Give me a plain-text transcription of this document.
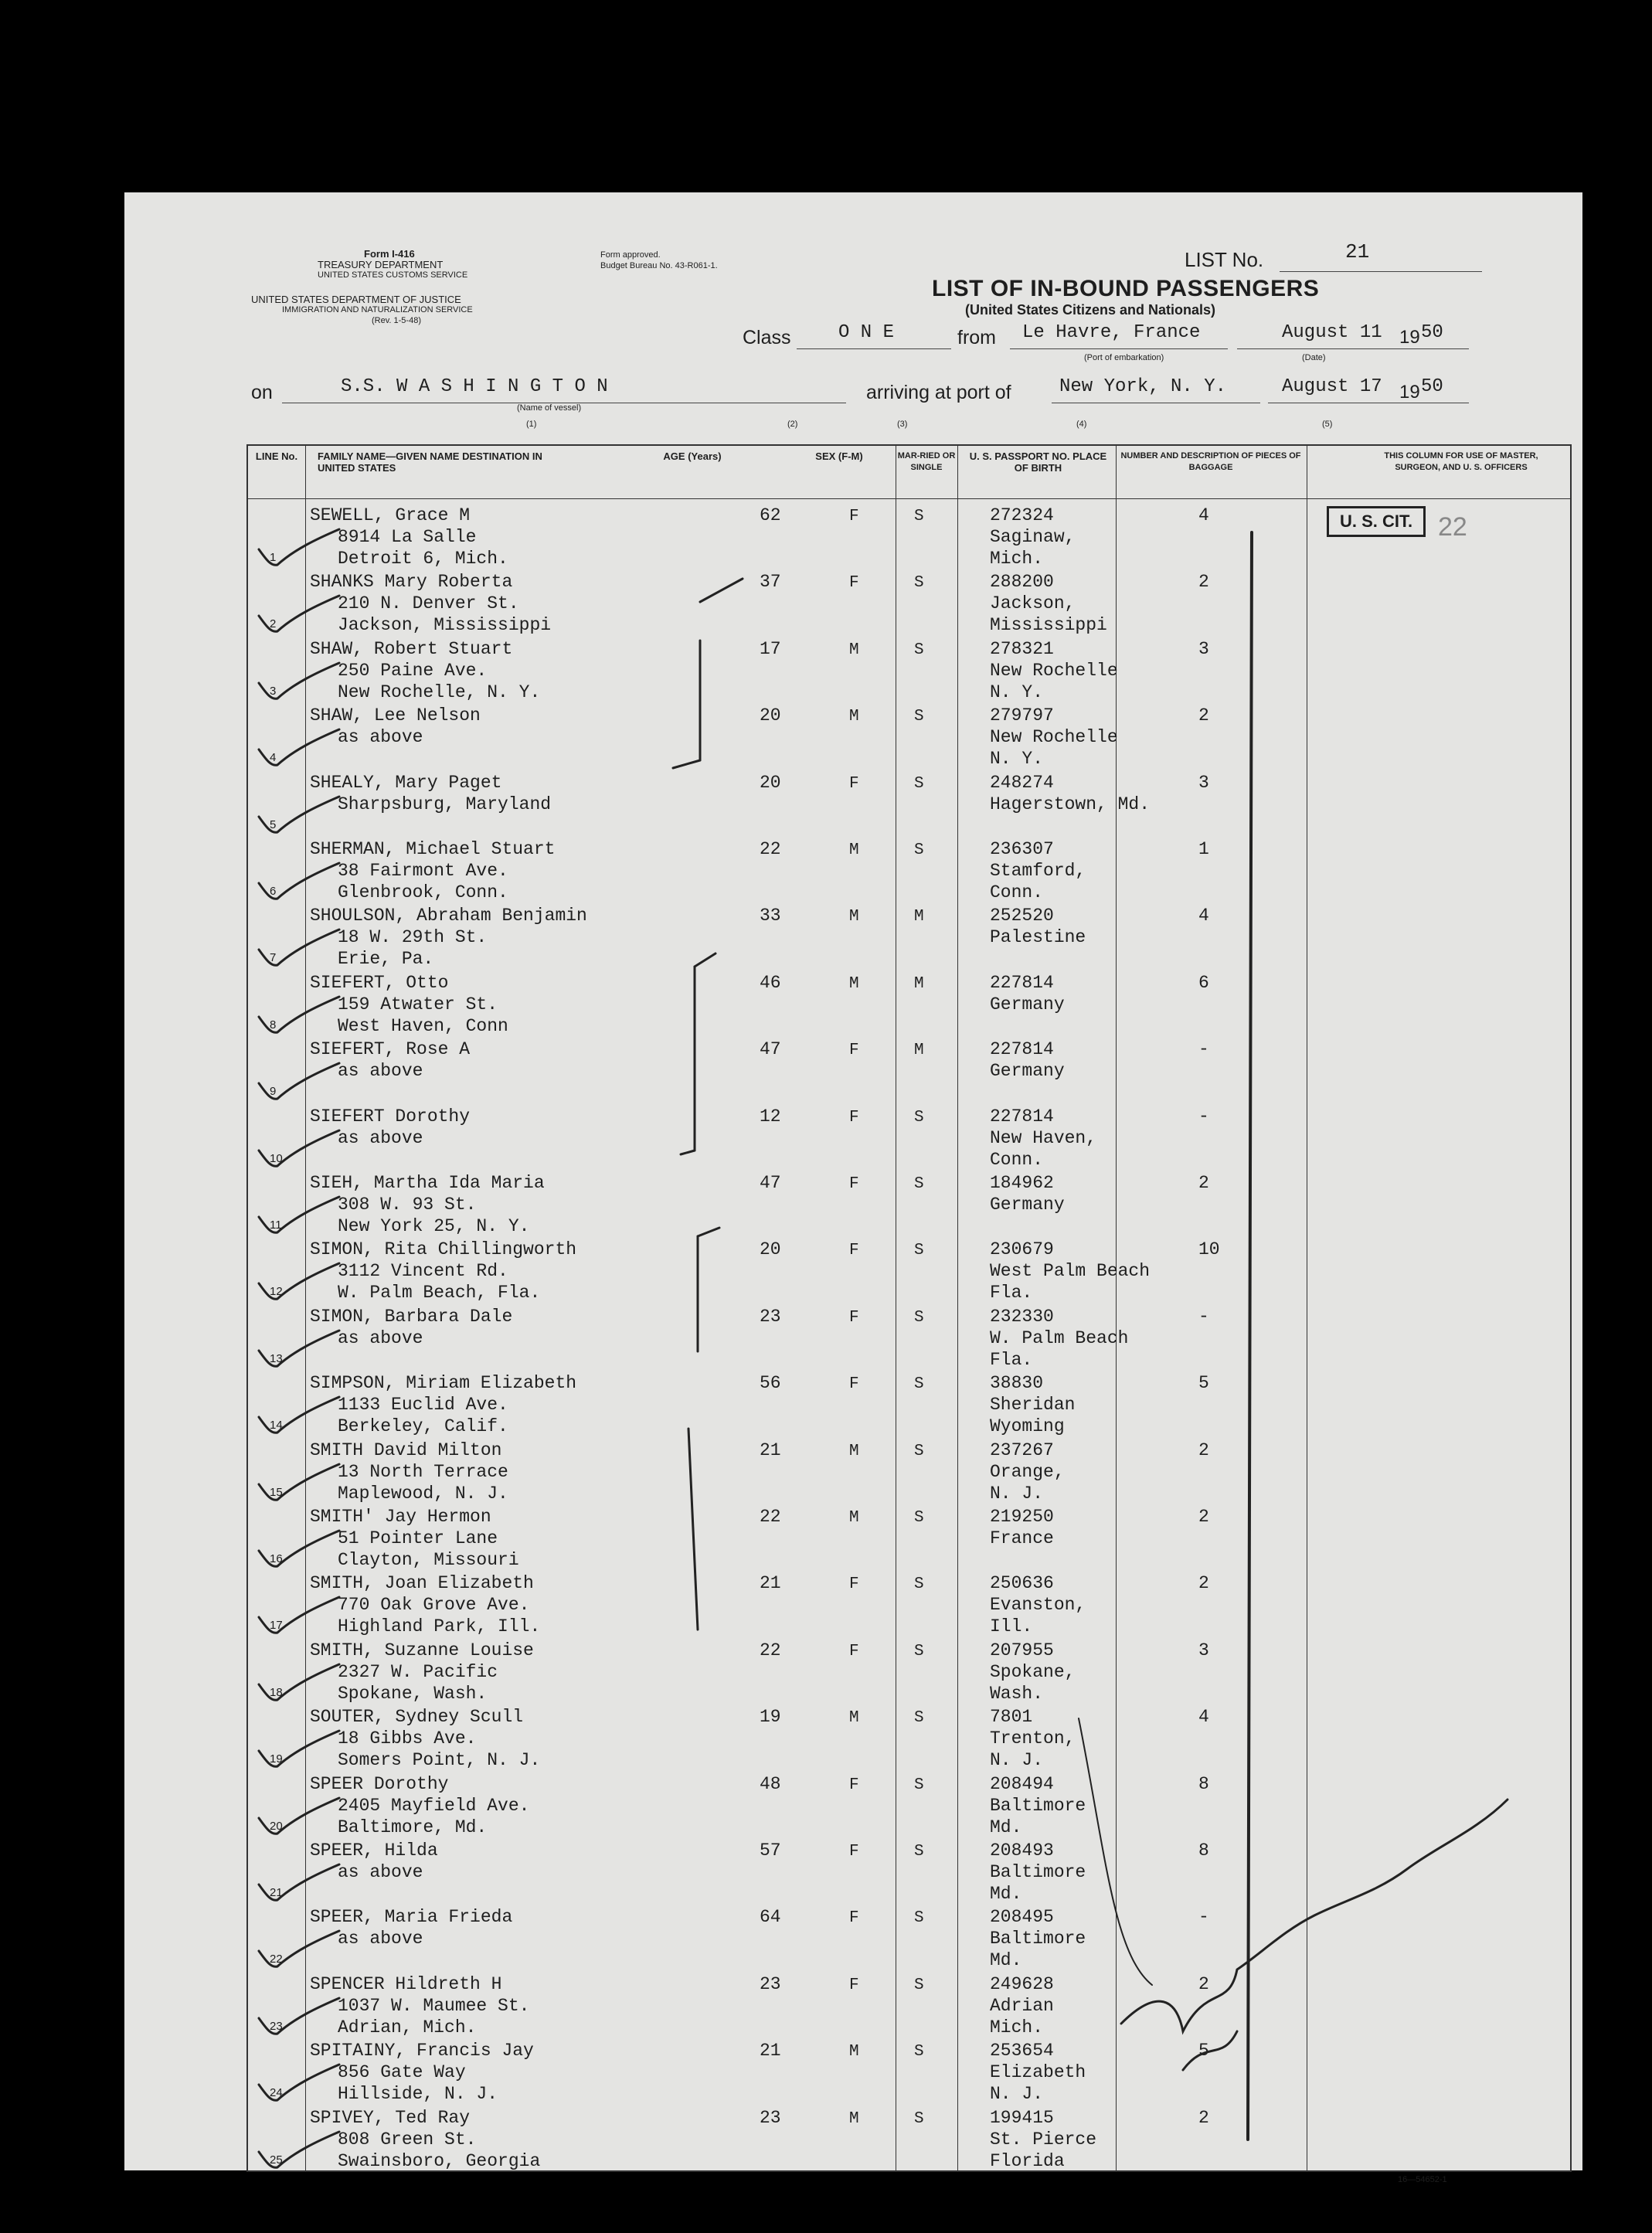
Form I-416
TREASURY DEPARTMENT
UNITED STATES CUSTOMS SERVICE
UNITED STATES DEPARTMENT OF JUSTICE
IMMIGRATION AND NATURALIZATION SERVICE
(Rev. 1-5-48)
Form approved.
Budget Bureau No. 43-R061-1.	LIST No.	21
LIST OF IN-BOUND PASSENGERS
(United States Citizens and Nationals)
Class	O N E	from Le Havre, France	August 11 19 50
(Port of embarkation)	(Date)
on	S.S. W A S H I N G T O N
(Name of vessel)
arriving at port of	New York, N. Y.	August 17 19 50
(1)	(2)	(3)	(4)	(5)
LINE No.	FAMILY NAME—GIVEN NAME DESTINATION IN UNITED STATES
AGE (Years)	SEX (F-M)	MAR-RIED OR SINGLE
U. S. PASSPORT NO. PLACE OF BIRTH
NUMBER AND DESCRIPTION OF PIECES OF BAGGAGE
THIS COLUMN FOR USE OF MASTER, SURGEON, AND U. S. OFFICERS
1
SEWELL, Grace M
8914 La Salle
Detroit 6, Mich.
62	F	S	272324
Saginaw,
Mich.
4
2
SHANKS Mary Roberta
210 N. Denver St.
Jackson, Mississippi
37	F	S	288200
Jackson,
Mississippi
2
3
SHAW, Robert Stuart
250 Paine Ave.
New Rochelle, N. Y.
17	M	S	278321
New Rochelle
N. Y.
3
4
SHAW, Lee Nelson
as above
20	M	S	279797
New Rochelle
N. Y.
2
5
SHEALY, Mary Paget
Sharpsburg, Maryland
20	F	S	248274
Hagerstown, Md.
3
6
SHERMAN, Michael Stuart
38 Fairmont Ave.
Glenbrook, Conn.
22	M	S	236307
Stamford,
Conn.
1
7
SHOULSON, Abraham Benjamin
18 W. 29th St.
Erie, Pa.
33	M	M	252520
Palestine
4
8
SIEFERT, Otto
159 Atwater St.
West Haven, Conn
46	M	M	227814
Germany
6
9
SIEFERT, Rose A
as above
47	F	M	227814
Germany
-
10
SIEFERT Dorothy
as above
12	F	S	227814
New Haven,
Conn.
-
11
SIEH, Martha Ida Maria
308 W. 93 St.
New York 25, N. Y.
47	F	S	184962
Germany
2
12
SIMON, Rita Chillingworth
3112 Vincent Rd.
W. Palm Beach, Fla.
20	F	S	230679
West Palm Beach
Fla.
10
13
SIMON, Barbara Dale
as above
23	F	S	232330
W. Palm Beach
Fla.
-
14
SIMPSON, Miriam Elizabeth
1133 Euclid Ave.
Berkeley, Calif.
56	F	S	38830
Sheridan
Wyoming
5
15
SMITH David Milton
13 North Terrace
Maplewood, N. J.
21	M	S	237267
Orange,
N. J.
2
16
SMITH' Jay Hermon
51 Pointer Lane
Clayton, Missouri
22	M	S	219250
France
2
17
SMITH, Joan Elizabeth
770 Oak Grove Ave.
Highland Park, Ill.
21	F	S	250636
Evanston,
Ill.
2
18
SMITH, Suzanne Louise
2327 W. Pacific
Spokane, Wash.
22	F	S	207955
Spokane,
Wash.
3
19
SOUTER, Sydney Scull
18 Gibbs Ave.
Somers Point, N. J.
19	M	S	7801
Trenton,
N. J.
4
20
SPEER Dorothy
2405 Mayfield Ave.
Baltimore, Md.
48	F	S	208494
Baltimore
Md.
8
21
SPEER, Hilda
as above
57	F	S	208493
Baltimore
Md.
8
22
SPEER, Maria Frieda
as above
64	F	S	208495
Baltimore
Md.
-
23
SPENCER Hildreth H
1037 W. Maumee St.
Adrian, Mich.
23	F	S	249628
Adrian
Mich.
2
24
SPITAINY, Francis Jay
856 Gate Way
Hillside, N. J.
21	M	S	253654
Elizabeth
N. J.
5
25
SPIVEY, Ted Ray
808 Green St.
Swainsboro, Georgia
23	M	S	199415
St. Pierce
Florida
2
U. S. CIT. 22
16—54652-1
